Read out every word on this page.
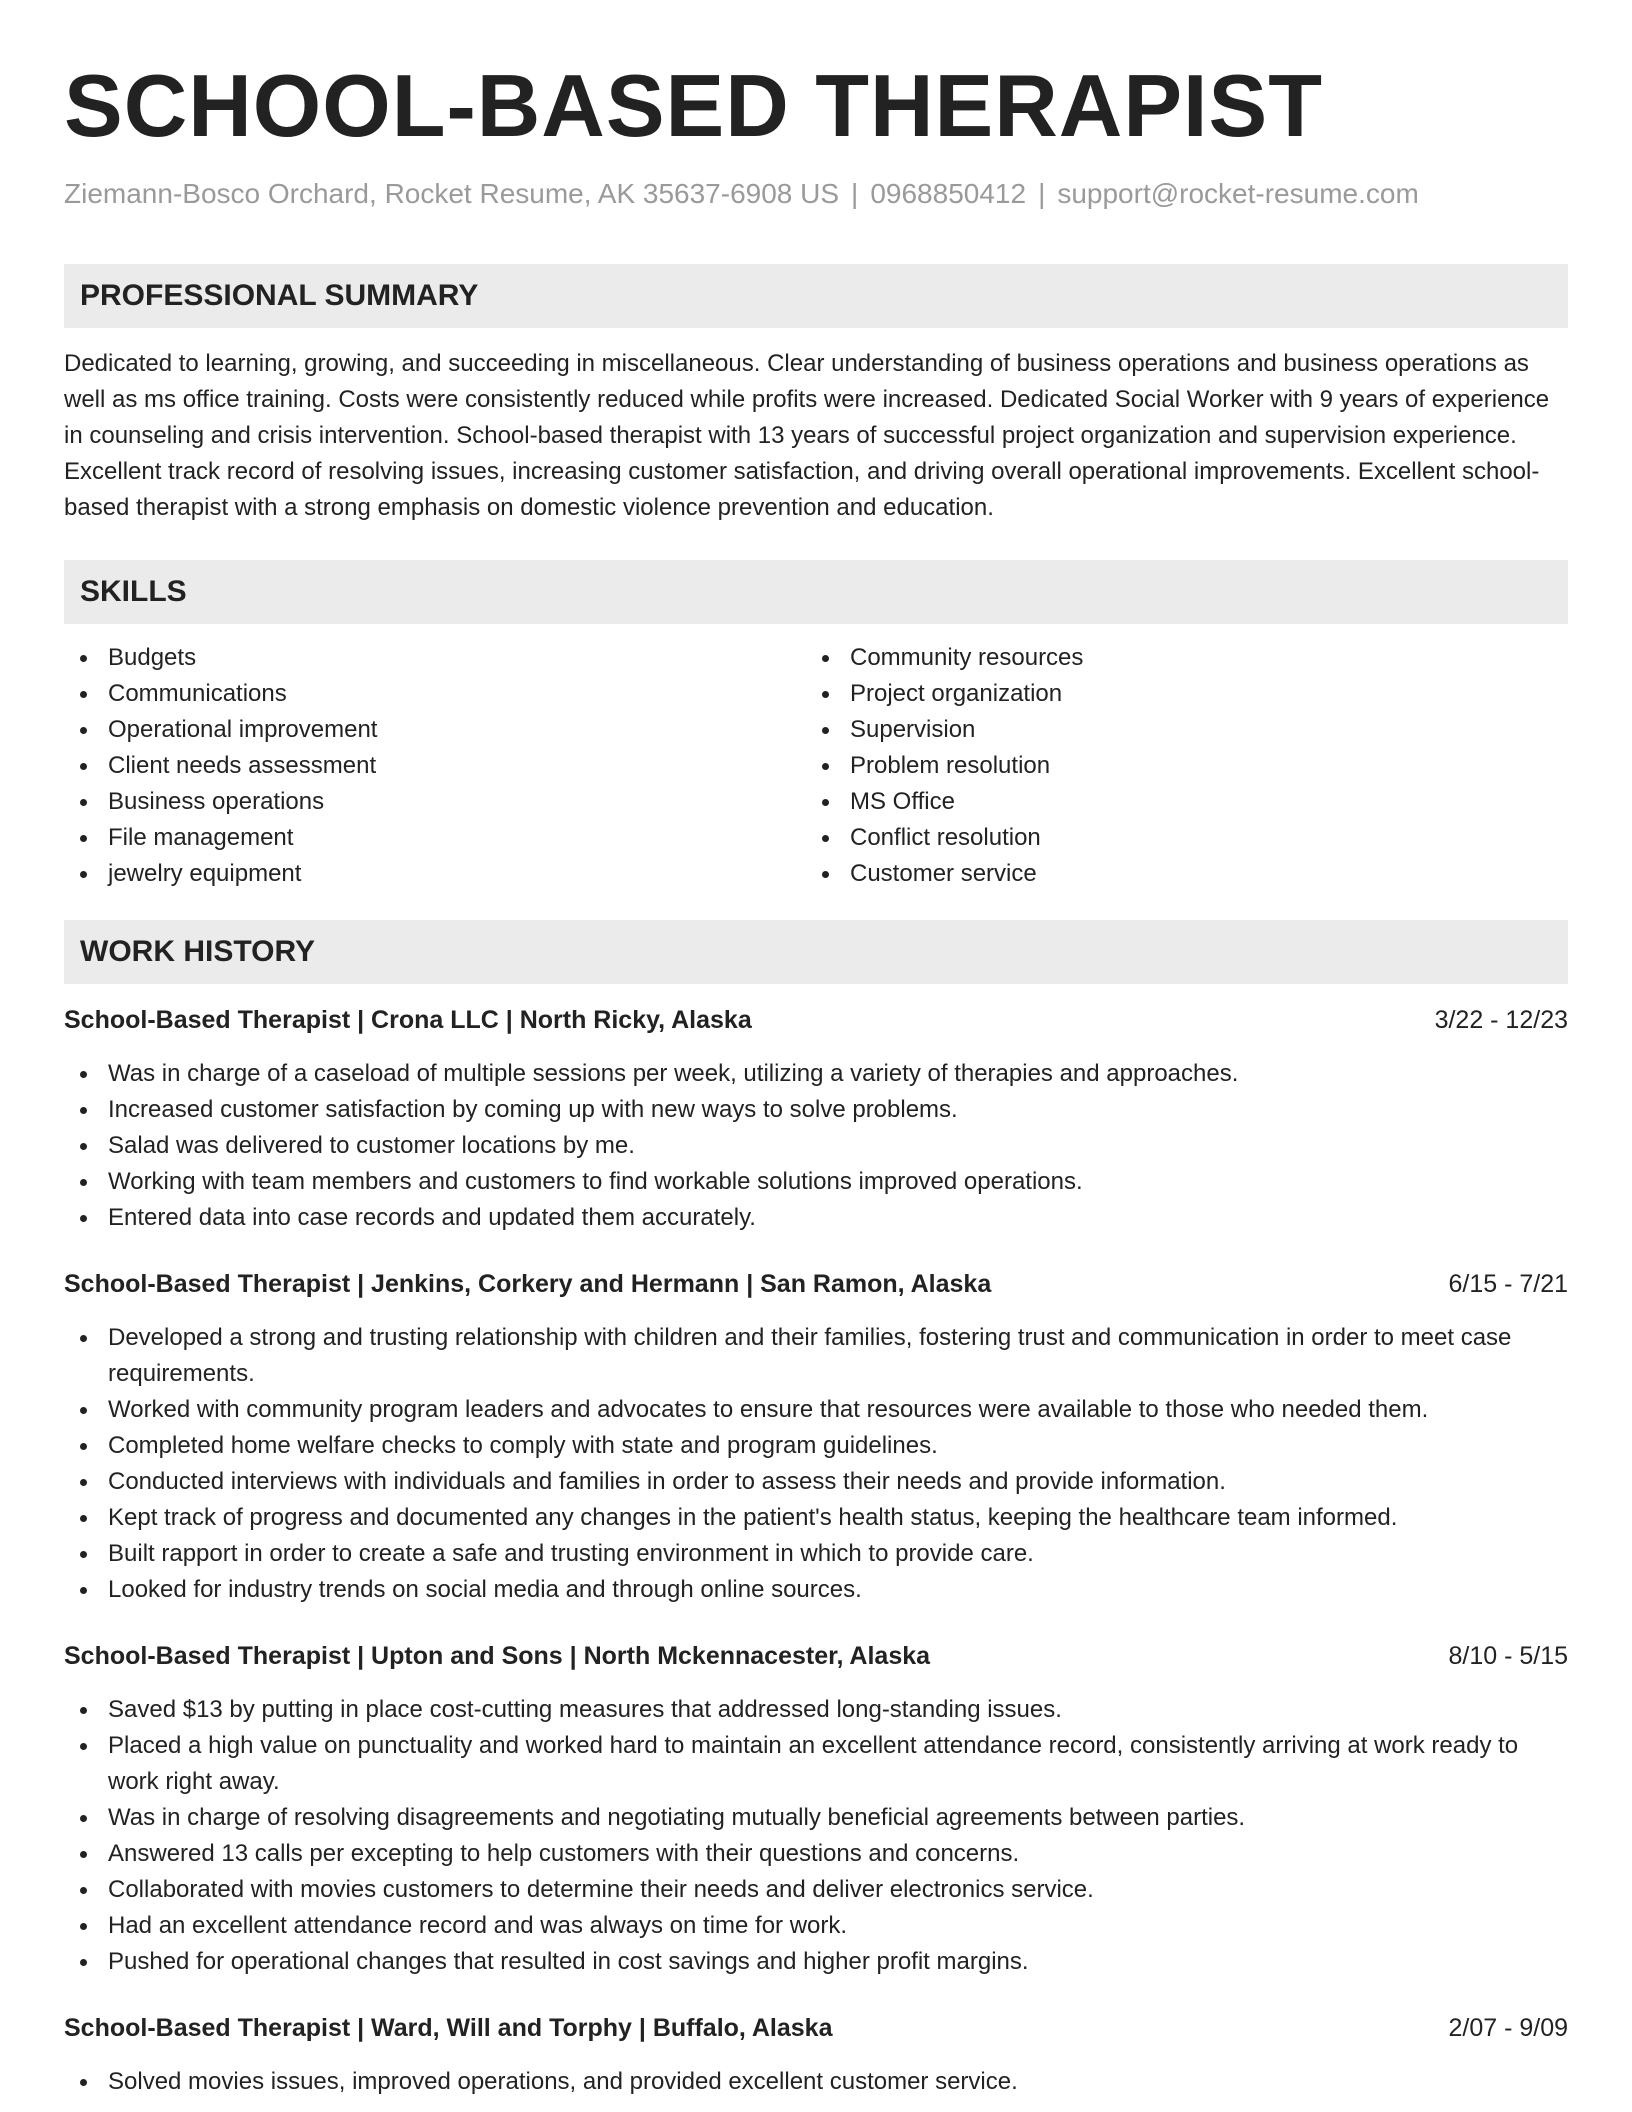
SCHOOL-BASED THERAPIST
Ziemann-Bosco Orchard, Rocket Resume, AK 35637-6908 US | 0968850412 | support@rocket-resume.com
PROFESSIONAL SUMMARY
Dedicated to learning, growing, and succeeding in miscellaneous. Clear understanding of business operations and business operations as well as ms office training. Costs were consistently reduced while profits were increased. Dedicated Social Worker with 9 years of experience in counseling and crisis intervention. School-based therapist with 13 years of successful project organization and supervision experience. Excellent track record of resolving issues, increasing customer satisfaction, and driving overall operational improvements. Excellent school-based therapist with a strong emphasis on domestic violence prevention and education.
SKILLS
Budgets
Communications
Operational improvement
Client needs assessment
Business operations
File management
jewelry equipment
Community resources
Project organization
Supervision
Problem resolution
MS Office
Conflict resolution
Customer service
WORK HISTORY
School-Based Therapist | Crona LLC | North Ricky, Alaska	3/22 - 12/23
Was in charge of a caseload of multiple sessions per week, utilizing a variety of therapies and approaches.
Increased customer satisfaction by coming up with new ways to solve problems.
Salad was delivered to customer locations by me.
Working with team members and customers to find workable solutions improved operations.
Entered data into case records and updated them accurately.
School-Based Therapist | Jenkins, Corkery and Hermann | San Ramon, Alaska	6/15 - 7/21
Developed a strong and trusting relationship with children and their families, fostering trust and communication in order to meet case requirements.
Worked with community program leaders and advocates to ensure that resources were available to those who needed them.
Completed home welfare checks to comply with state and program guidelines.
Conducted interviews with individuals and families in order to assess their needs and provide information.
Kept track of progress and documented any changes in the patient's health status, keeping the healthcare team informed.
Built rapport in order to create a safe and trusting environment in which to provide care.
Looked for industry trends on social media and through online sources.
School-Based Therapist | Upton and Sons | North Mckennacester, Alaska	8/10 - 5/15
Saved $13 by putting in place cost-cutting measures that addressed long-standing issues.
Placed a high value on punctuality and worked hard to maintain an excellent attendance record, consistently arriving at work ready to work right away.
Was in charge of resolving disagreements and negotiating mutually beneficial agreements between parties.
Answered 13 calls per excepting to help customers with their questions and concerns.
Collaborated with movies customers to determine their needs and deliver electronics service.
Had an excellent attendance record and was always on time for work.
Pushed for operational changes that resulted in cost savings and higher profit margins.
School-Based Therapist | Ward, Will and Torphy | Buffalo, Alaska	2/07 - 9/09
Solved movies issues, improved operations, and provided excellent customer service.
